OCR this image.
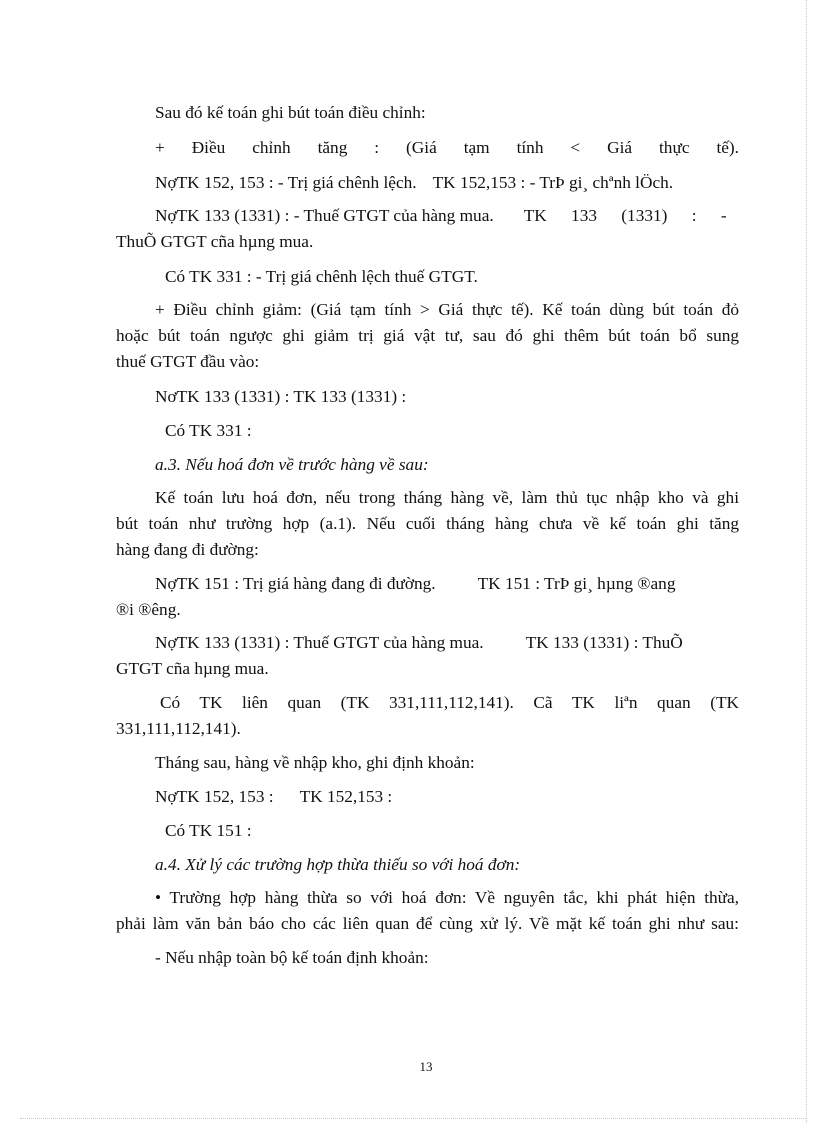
Sau đó kế toán ghi bút toán điều chỉnh:

+ Điều chỉnh tăng : (Giá tạm tính < Giá thực tế).

NợTK 152, 153 : - Trị giá chênh lệch. TK 152,153 : - TrÞ gi¸ chªnh lÖch.

NợTK 133 (1331) : - Thuế GTGT của hàng mua. TK 133 (1331) : -

ThuÕ GTGT cña hµng mua.

Có TK 331 : - Trị giá chênh lệch thuế GTGT.

+ Điều chỉnh giảm: (Giá tạm tính > Giá thực tế). Kế toán dùng bút toán đỏ

hoặc bút toán ngược ghi giảm trị giá vật tư, sau đó ghi thêm bút toán bổ sung

thuế GTGT đầu vào:

NơTK 133 (1331) : TK 133 (1331) :

Có TK 331 :

a.3. Nếu hoá đơn về trước hàng về sau:

Kế toán lưu hoá đơn, nếu trong tháng hàng về, làm thủ tục nhập kho và ghi

bút toán như trường hợp (a.1). Nếu cuối tháng hàng chưa về kế toán ghi tăng

hàng đang đi đường:

NợTK 151 : Trị giá hàng đang đi đường. TK 151 : TrÞ gi¸ hµng ®ang

®i ®êng.

NợTK 133 (1331) : Thuế GTGT của hàng mua. TK 133 (1331) : ThuÕ

GTGT cña hµng mua.

Có TK liên quan (TK 331,111,112,141). Cã TK liªn quan (TK

331,111,112,141).

Tháng sau, hàng về nhập kho, ghi định khoản:

NợTK 152, 153 : TK 152,153 :

Có TK 151 :

a.4. Xử lý các trường hợp thừa thiếu so với hoá đơn:

• Trường hợp hàng thừa so với hoá đơn: Về nguyên tắc, khi phát hiện thừa,

phải làm văn bản báo cho các liên quan để cùng xử lý. Về mặt kế toán ghi như sau:

- Nếu nhập toàn bộ kế toán định khoản:

13
